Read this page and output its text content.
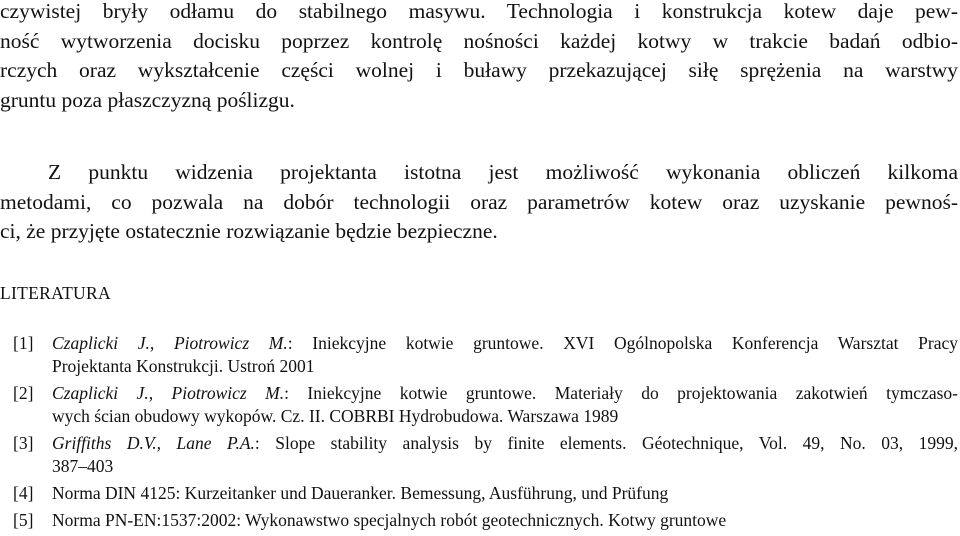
czywistej bryły odłamu do stabilnego masywu. Technologia i konstrukcja kotew daje pew-

ność wytworzenia docisku poprzez kontrolę nośności każdej kotwy w trakcie badań odbio-

rczych oraz wykształcenie części wolnej i buławy przekazującej siłę sprężenia na warstwy

gruntu poza płaszczyzną poślizgu.

Z punktu widzenia projektanta istotna jest możliwość wykonania obliczeń kilkoma

metodami, co pozwala na dobór technologii oraz parametrów kotew oraz uzyskanie pewnoś-

ci, że przyjęte ostatecznie rozwiązanie będzie bezpieczne.

LITERATURA
[1] Czaplicki J., Piotrowicz M.: Iniekcyjne kotwie gruntowe. XVI Ogólnopolska Konferencja Warsztat Pracy
Projektanta Konstrukcji. Ustroń 2001
[2] Czaplicki J., Piotrowicz M.: Iniekcyjne kotwie gruntowe. Materiały do projektowania zakotwień tymczaso-
wych ścian obudowy wykopów. Cz. II. COBRBI Hydrobudowa. Warszawa 1989
[3] Griffiths D.V., Lane P.A.: Slope stability analysis by finite elements. Géotechnique, Vol. 49, No. 03, 1999,
387–403
[4] Norma DIN 4125: Kurzeitanker und Daueranker. Bemessung, Ausführung, und Prüfung
[5] Norma PN-EN:1537:2002: Wykonawstwo specjalnych robót geotechnicznych. Kotwy gruntowe
